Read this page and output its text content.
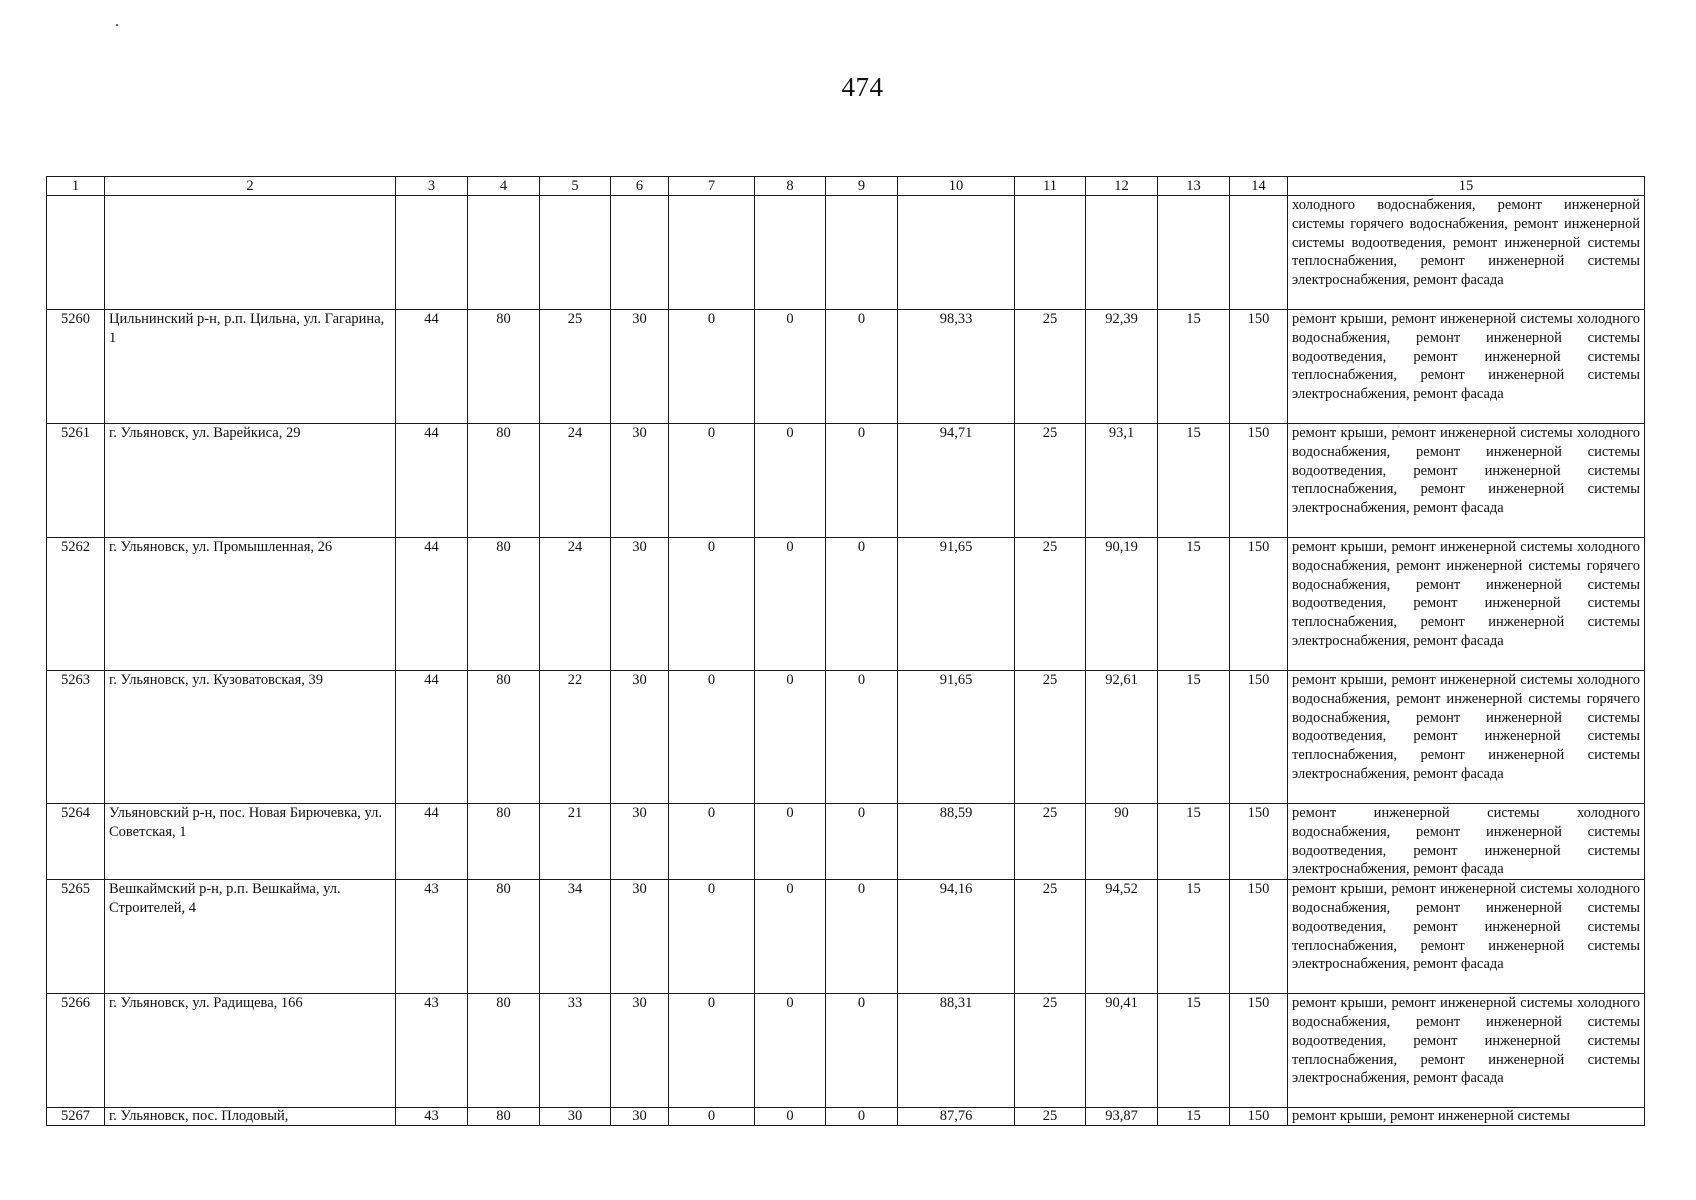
474
1	2	3	4	5	6	7	8	9	10	11	12	13	14	15
														холодного водоснабжения, ремонт инженерной системы горячего водоснабжения, ремонт инженерной системы водоотведения, ремонт инженерной системы теплоснабжения, ремонт инженерной системы электроснабжения, ремонт фасада
5260	Цильнинский р-н, р.п. Цильна, ул. Гагарина, 1	44	80	25	30	0	0	0	98,33	25	92,39	15	150	ремонт крыши, ремонт инженерной системы холодного водоснабжения, ремонт инженерной системы водоотведения, ремонт инженерной системы теплоснабжения, ремонт инженерной системы электроснабжения, ремонт фасада
5261	г. Ульяновск, ул. Варейкиса, 29	44	80	24	30	0	0	0	94,71	25	93,1	15	150	ремонт крыши, ремонт инженерной системы холодного водоснабжения, ремонт инженерной системы водоотведения, ремонт инженерной системы теплоснабжения, ремонт инженерной системы электроснабжения, ремонт фасада
5262	г. Ульяновск, ул. Промышленная, 26	44	80	24	30	0	0	0	91,65	25	90,19	15	150	ремонт крыши, ремонт инженерной системы холодного водоснабжения, ремонт инженерной системы горячего водоснабжения, ремонт инженерной системы водоотведения, ремонт инженерной системы теплоснабжения, ремонт инженерной системы электроснабжения, ремонт фасада
5263	г. Ульяновск, ул. Кузоватовская, 39	44	80	22	30	0	0	0	91,65	25	92,61	15	150	ремонт крыши, ремонт инженерной системы холодного водоснабжения, ремонт инженерной системы горячего водоснабжения, ремонт инженерной системы водоотведения, ремонт инженерной системы теплоснабжения, ремонт инженерной системы электроснабжения, ремонт фасада
5264	Ульяновский р-н, пос. Новая Бирючевка, ул. Советская, 1	44	80	21	30	0	0	0	88,59	25	90	15	150	ремонт инженерной системы холодного водоснабжения, ремонт инженерной системы водоотведения, ремонт инженерной системы электроснабжения, ремонт фасада
5265	Вешкаймский р-н, р.п. Вешкайма, ул. Строителей, 4	43	80	34	30	0	0	0	94,16	25	94,52	15	150	ремонт крыши, ремонт инженерной системы холодного водоснабжения, ремонт инженерной системы водоотведения, ремонт инженерной системы теплоснабжения, ремонт инженерной системы электроснабжения, ремонт фасада
5266	г. Ульяновск, ул. Радищева, 166	43	80	33	30	0	0	0	88,31	25	90,41	15	150	ремонт крыши, ремонт инженерной системы холодного водоснабжения, ремонт инженерной системы водоотведения, ремонт инженерной системы теплоснабжения, ремонт инженерной системы электроснабжения, ремонт фасада
5267	г. Ульяновск, пос. Плодовый,	43	80	30	30	0	0	0	87,76	25	93,87	15	150	ремонт крыши, ремонт инженерной системы
